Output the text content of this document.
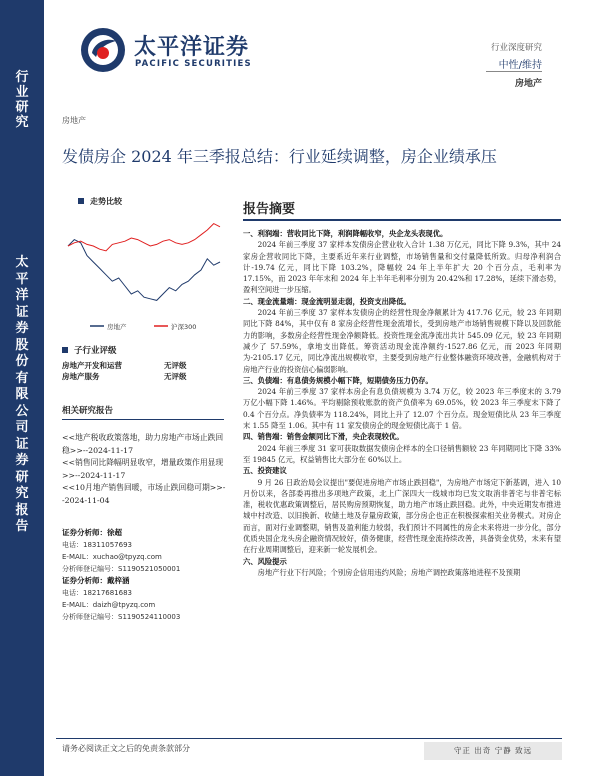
行业研究
太平洋证券股份有限公司证券研究报告
太平洋证券
PACIFIC SECURITIES
行业深度研究
中性/维持
房地产
房地产
发债房企 2024 年三季报总结：行业延续调整，房企业绩承压
走势比较
房地产	沪深300
子行业评级
房地产开发和运营	无评级
房地产服务	无评级
相关研究报告
<<地产税收政策落地，助力房地产市场止跌回稳>>--2024-11-17
<<销售同比降幅明显收窄，增量政策作用显现>>--2024-11-17
<<10月地产销售回暖，市场止跌回稳可期>>--2024-11-04
证券分析师：徐超
电话：18311057693
E-MAIL：xuchao@tpyzq.com
分析师登记编号：S1190521050001
证券分析师：戴梓涵
电话：18217681683
E-MAIL：daizh@tpyzq.com
分析师登记编号：S1190524110003
报告摘要

一、利润端：营收同比下降，利润降幅收窄，央企龙头表现优。

2024 年前三季度 37 家样本发债房企营业收入合计 1.38 万亿元，同比下降 9.3%，其中 24 家房企营收同比下降，主要系近年来行业调整，市场销售量和交付量降低所致。归母净利润合计-19.74 亿元，同比下降 103.2%，降幅较 24 年上半年扩大 20 个百分点，毛利率为 17.15%，而 2023 年年末和 2024 年上半年毛利率分别为 20.42%和 17.28%，延续下滑态势，盈利空间进一步压缩。

二、现金流量端：现金流明显走弱，投资支出降低。

2024 年前三季度 37 家样本发债房企的经营性现金净额累计为 417.76 亿元，较 23 年同期同比下降 84%，其中仅有 8 家房企经营性现金流增长，受到房地产市场销售规模下降以及回款能力的影响，多数房企经营性现金净额降低。投资性现金流净流出共计 545.09 亿元，较 23 年同期减少了 57.59%，拿地支出降低。筹资活动现金流净额约-1527.86 亿元，而 2023 年同期为-2105.17 亿元，同比净流出规模收窄，主要受到房地产行业整体融资环境改善，金融机构对于房地产行业的投资信心偏弱影响。

三、负债端：有息债务规模小幅下降，短期债务压力仍存。

2024 年前三季度 37 家样本房企有息负债规模为 3.74 万亿，较 2023 年三季度末的 3.79 万亿小幅下降 1.46%。平均剔除预收账款的资产负债率为 69.05%，较 2023 年三季度末下降了 0.4 个百分点。净负债率为 118.24%，同比上升了 12.07 个百分点。现金短债比从 23 年三季度末 1.55 降至 1.06。其中有 11 家发债房企的现金短债比高于 1 倍。

四、销售端：销售金额同比下滑，央企表现较优。

2024 年前三季度 31 家可获取数据发债房企样本的全口径销售额较 23 年同期同比下降 33%至 19845 亿元，权益销售比大部分在 60%以上。

五、投资建议

9 月 26 日政治局会议提出"要促进房地产市场止跌回稳"，为房地产市场定下新基调，进入 10 月份以来，各部委再推出多项地产政策，北上广深四大一线城市均已发文取消非普宅与非普宅标准，税收优惠政策调整后，居民购房预期恢复，助力地产市场止跌回稳。此外，中央近期发布推进城中村改造、以旧换新、收储土地及存量房政策，部分房企也正在积极探索相关业务模式。对房企而言，面对行业调整期，销售及盈利能力较弱，我们预计不同属性的房企未来将进一步分化，部分优质央国企龙头房企融资情况较好，债务健康，经营性现金流持续改善，具备资金优势，未来有望在行业周期调整后，迎来新一轮发展机会。

六、风险提示

房地产行业下行风险；个别房企信用违约风险；房地产调控政策落地进程不及预期

请务必阅读正文之后的免责条款部分	守正 出奇 宁静 致远
